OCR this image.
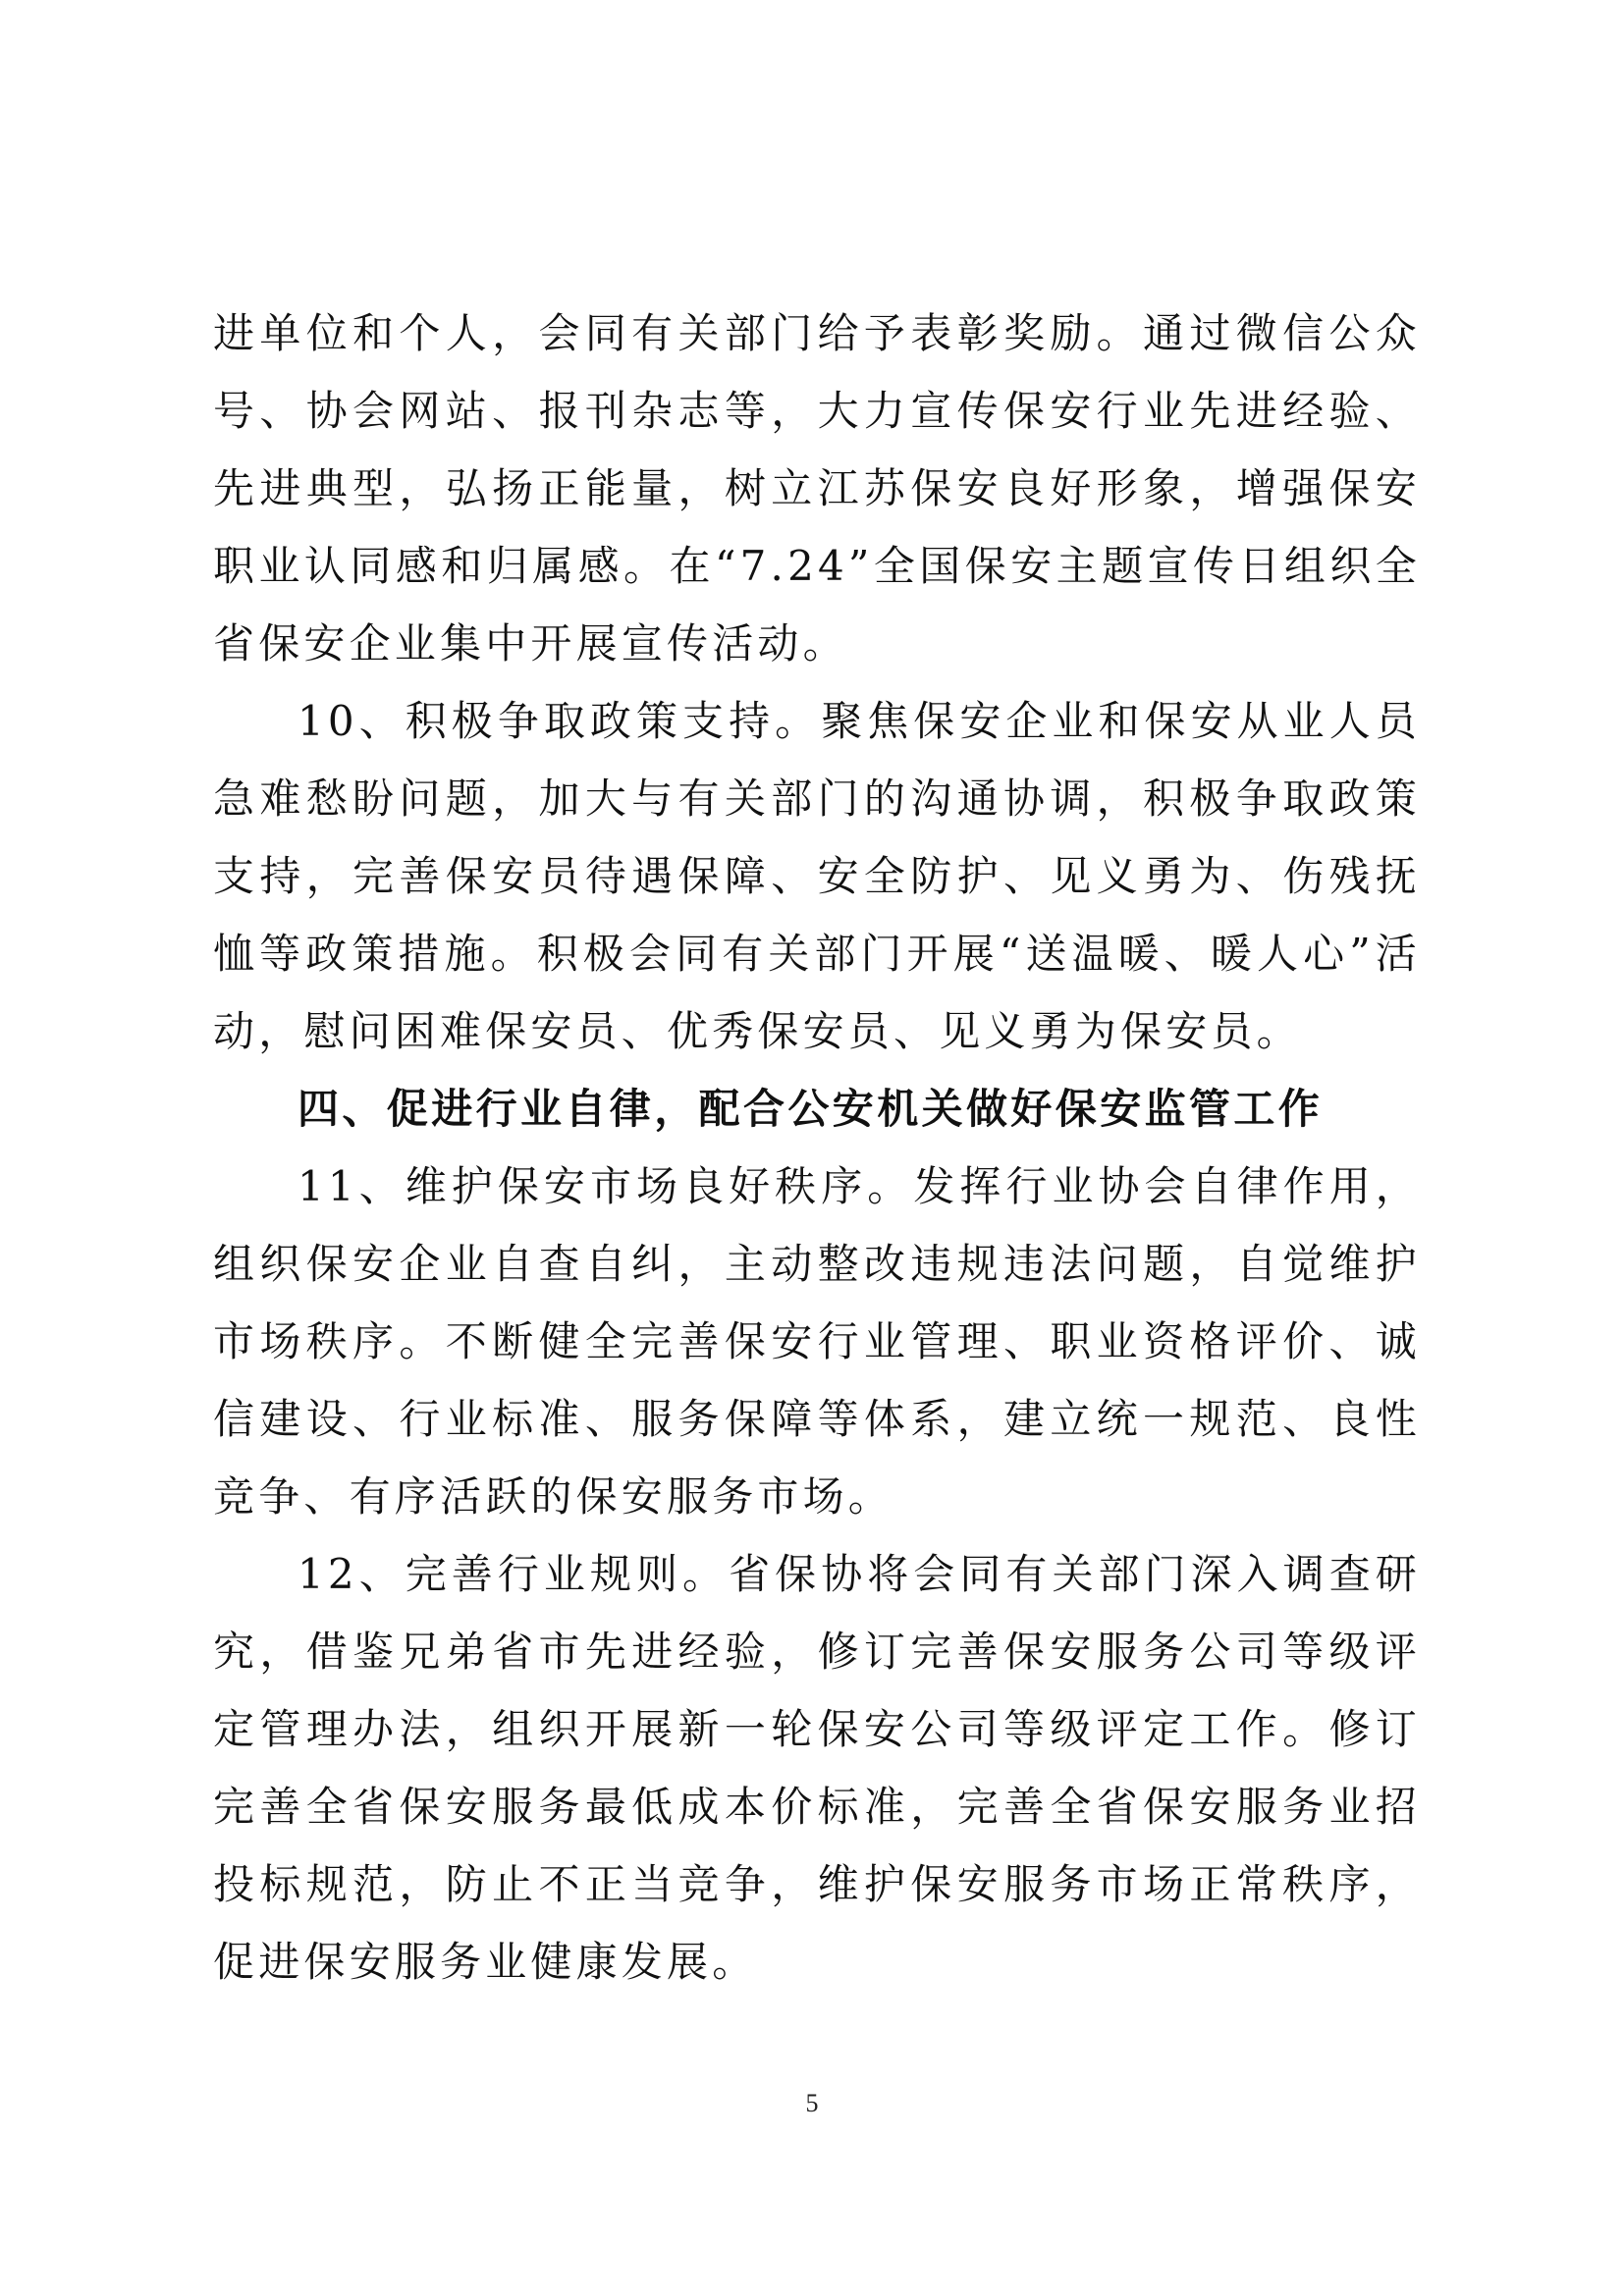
进单位和个人，会同有关部门给予表彰奖励。通过微信公众号、协会网站、报刊杂志等，大力宣传保安行业先进经验、先进典型，弘扬正能量，树立江苏保安良好形象，增强保安职业认同感和归属感。在“7.24”全国保安主题宣传日组织全省保安企业集中开展宣传活动。

10、积极争取政策支持。聚焦保安企业和保安从业人员急难愁盼问题，加大与有关部门的沟通协调，积极争取政策支持，完善保安员待遇保障、安全防护、见义勇为、伤残抚恤等政策措施。积极会同有关部门开展“送温暖、暖人心”活动，慰问困难保安员、优秀保安员、见义勇为保安员。

四、促进行业自律，配合公安机关做好保安监管工作

11、维护保安市场良好秩序。发挥行业协会自律作用，组织保安企业自查自纠，主动整改违规违法问题，自觉维护市场秩序。不断健全完善保安行业管理、职业资格评价、诚信建设、行业标准、服务保障等体系，建立统一规范、良性竞争、有序活跃的保安服务市场。

12、完善行业规则。省保协将会同有关部门深入调查研究，借鉴兄弟省市先进经验，修订完善保安服务公司等级评定管理办法，组织开展新一轮保安公司等级评定工作。修订完善全省保安服务最低成本价标准，完善全省保安服务业招投标规范，防止不正当竞争，维护保安服务市场正常秩序，促进保安服务业健康发展。

5
